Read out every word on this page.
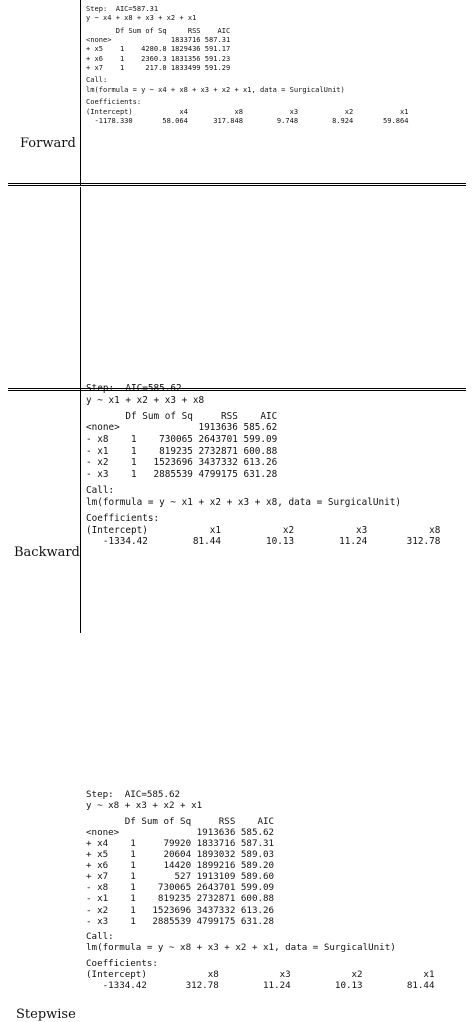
Step:  AIC=587.31
y ~ x4 + x8 + x3 + x2 + x1

Df Sum of Sq     RSS    AIC
<none>              1833716 587.31
+ x5    1    4280.8 1829436 591.17
+ x6    1    2360.3 1831356 591.23
+ x7    1     217.0 1833499 591.29

Call:
lm(formula = y ~ x4 + x8 + x3 + x2 + x1, data = SurgicalUnit)

Coefficients:
(Intercept)           x4           x8           x3           x2           x1
-1178.330       58.064      317.848        9.748        8.924       59.864

Forward
Step:  AIC=585.62
y ~ x1 + x2 + x3 + x8

Df Sum of Sq     RSS    AIC
<none>              1913636 585.62
- x8    1    730065 2643701 599.09
- x1    1    819235 2732871 600.88
- x2    1   1523696 3437332 613.26
- x3    1   2885539 4799175 631.28

Call:
lm(formula = y ~ x1 + x2 + x3 + x8, data = SurgicalUnit)

Coefficients:
(Intercept)           x1           x2           x3           x8
-1334.42        81.44        10.13        11.24       312.78

Backward
Step:  AIC=585.62
y ~ x8 + x3 + x2 + x1

Df Sum of Sq     RSS    AIC
<none>              1913636 585.62
+ x4    1     79920 1833716 587.31
+ x5    1     20604 1893032 589.03
+ x6    1     14420 1899216 589.20
+ x7    1       527 1913109 589.60
- x8    1    730065 2643701 599.09
- x1    1    819235 2732871 600.88
- x2    1   1523696 3437332 613.26
- x3    1   2885539 4799175 631.28

Call:
lm(formula = y ~ x8 + x3 + x2 + x1, data = SurgicalUnit)

Coefficients:
(Intercept)           x8           x3           x2           x1
-1334.42       312.78        11.24        10.13        81.44

Stepwise
